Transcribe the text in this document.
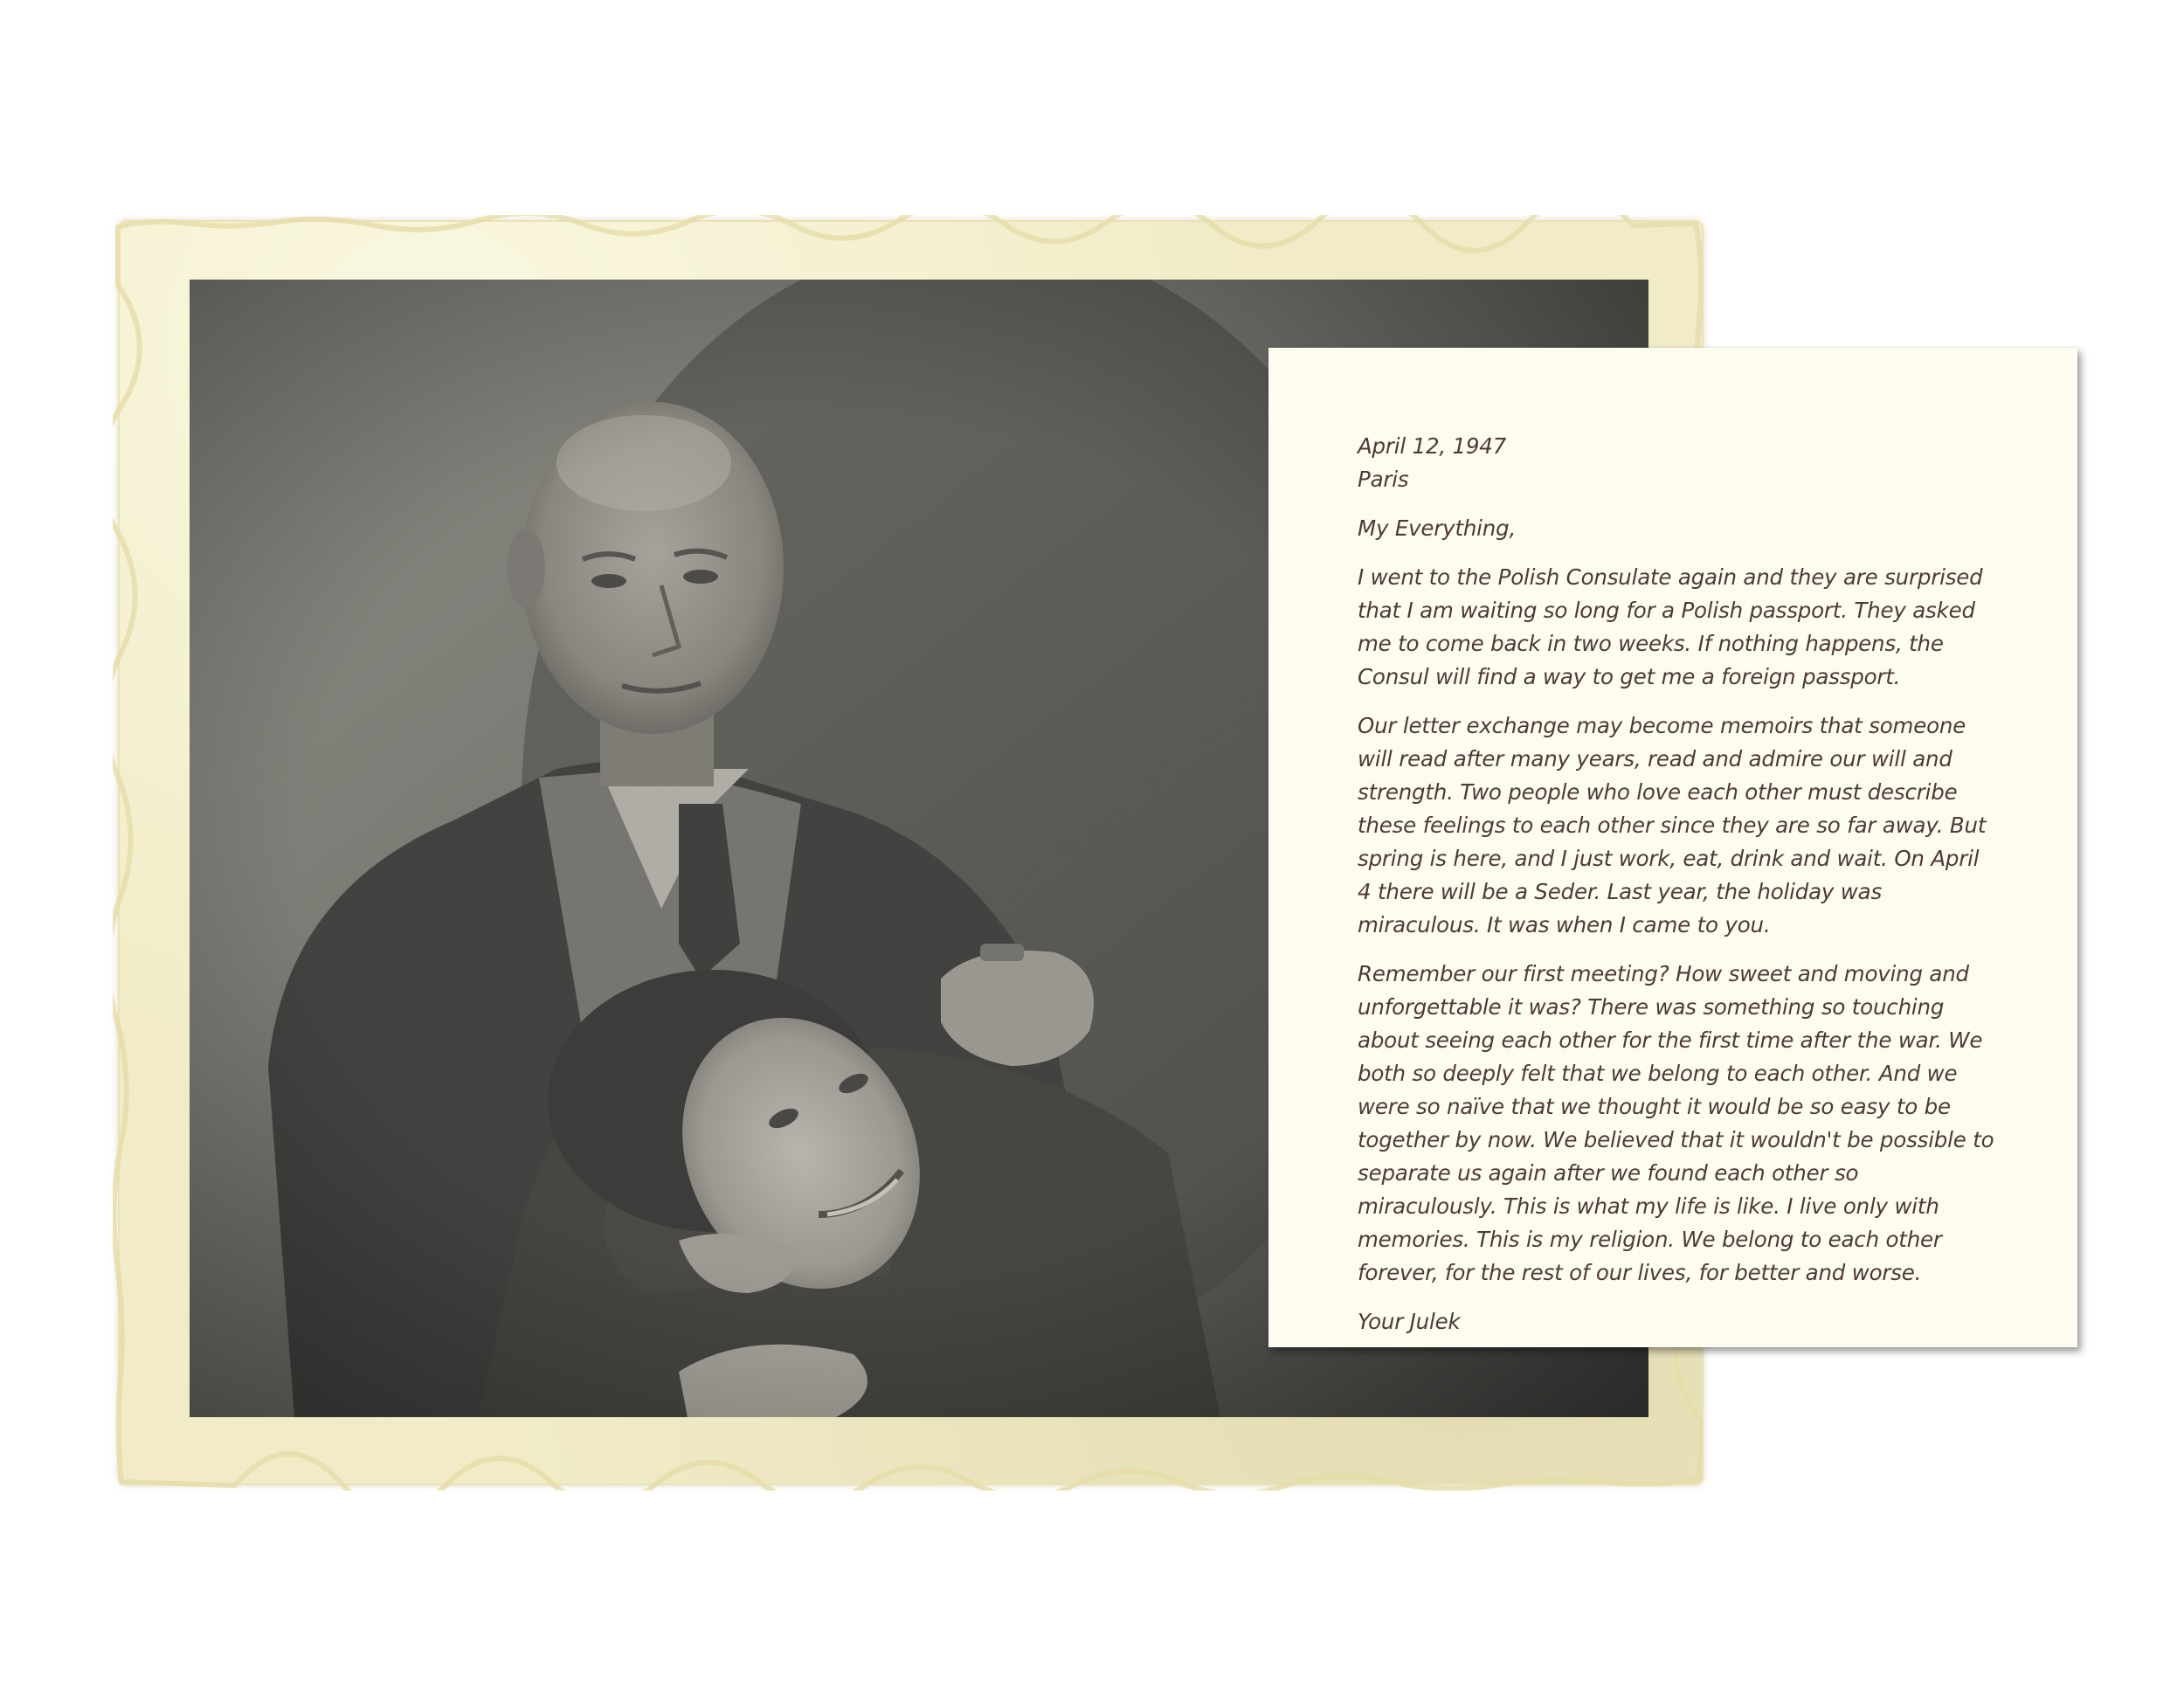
April 12, 1947
Paris

My Everything,

I went to the Polish Consulate again and they are surprised that I am waiting so long for a Polish passport. They asked me to come back in two weeks. If nothing happens, the Consul will find a way to get me a foreign passport.

Our letter exchange may become memoirs that someone will read after many years, read and admire our will and strength. Two people who love each other must describe these feelings to each other since they are so far away. But spring is here, and I just work, eat, drink and wait. On April 4 there will be a Seder. Last year, the holiday was miraculous. It was when I came to you.

Remember our first meeting? How sweet and moving and unforgettable it was? There was something so touching about seeing each other for the first time after the war. We both so deeply felt that we belong to each other. And we were so naïve that we thought it would be so easy to be together by now. We believed that it wouldn't be possible to separate us again after we found each other so miraculously. This is what my life is like. I live only with memories. This is my religion. We belong to each other forever, for the rest of our lives, for better and worse.

Your Julek
